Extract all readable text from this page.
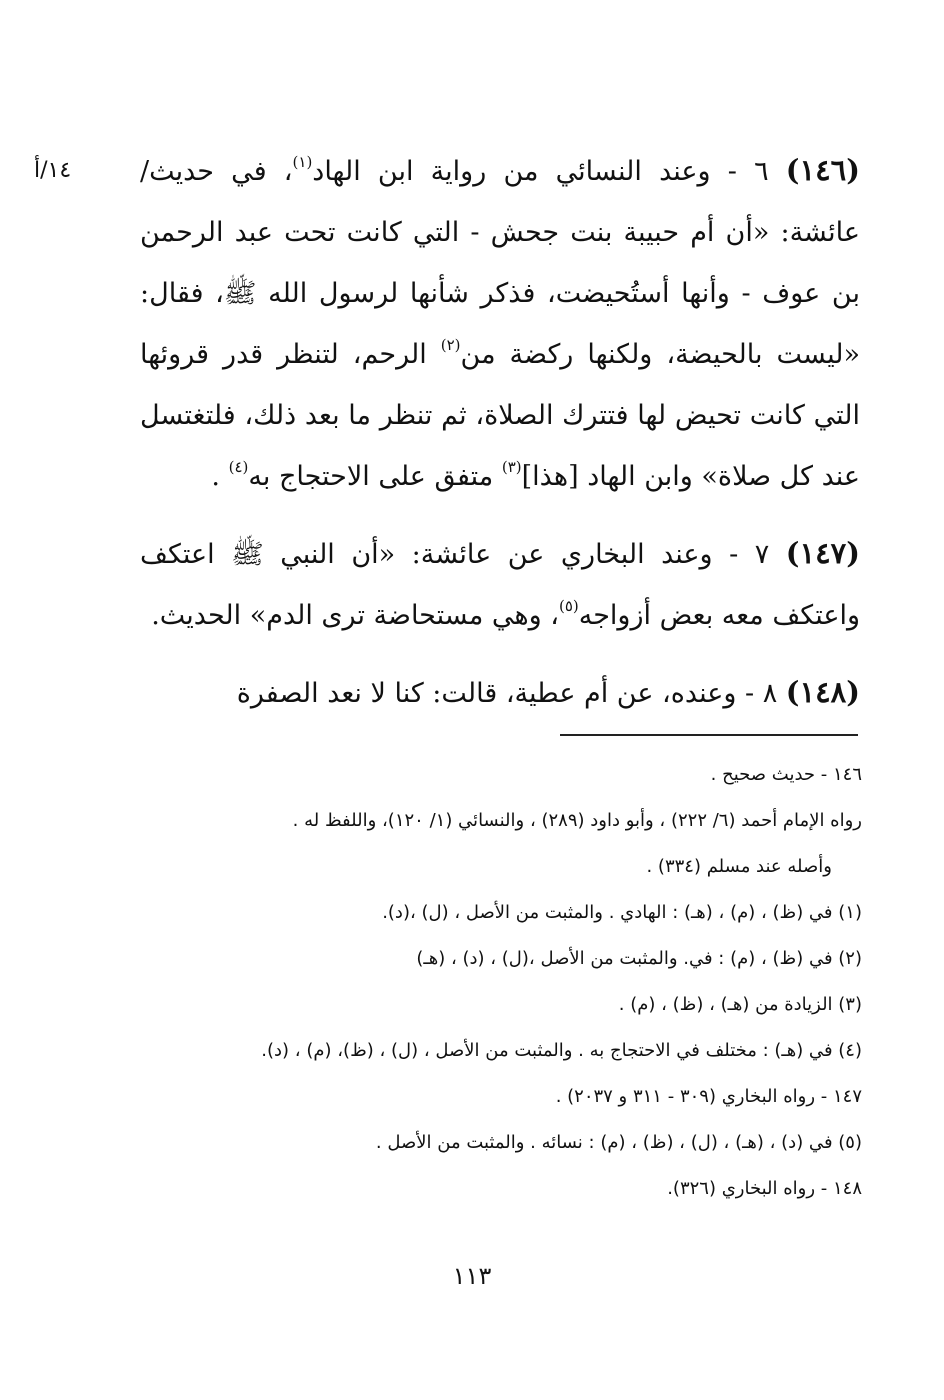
١٤/أ	(١٤٦) ٦ - وعند النسائي من رواية ابن الهاد$^{(١)}$، في حديث/ عائشة: «أن أم حبيبة بنت جحش - التي كانت تحت عبد الرحمن بن عوف - وأنها أستُحيضت، فذكر شأنها لرسول الله ﷺ، فقال: «ليست بالحيضة، ولكنها ركضة من$^{(٢)}$ الرحم، لتنظر قدر قروئها التي كانت تحيض لها فتترك الصلاة، ثم تنظر ما بعد ذلك، فلتغتسل عند كل صلاة» وابن الهاد [هذا]$^{(٣)}$ متفق على الاحتجاج به$^{(٤)}$ .

(١٤٧) ٧ - وعند البخاري عن عائشة: «أن النبي ﷺ اعتكف واعتكف معه بعض أزواجه$^{(٥)}$، وهي مستحاضة ترى الدم» الحديث.

(١٤٨) ٨ - وعنده، عن أم عطية، قالت: كنا لا نعد الصفرة

١٤٦ - حديث صحيح .
رواه الإمام أحمد (٦/ ٢٢٢) ، وأبو داود (٢٨٩) ، والنسائي (١/ ١٢٠)، واللفظ له .
وأصله عند مسلم (٣٣٤) .
(١) في (ظ) ، (م) ، (هـ) : الهادي . والمثبت من الأصل ، (ل) ،(د).
(٢) في (ظ) ، (م) : في. والمثبت من الأصل ،(ل) ، (د) ، (هـ)
(٣) الزيادة من (هـ) ، (ظ) ، (م) .
(٤) في (هـ) : مختلف في الاحتجاج به . والمثبت من الأصل ، (ل) ، (ظ)، (م) ، (د).
١٤٧ - رواه البخاري (٣٠٩ - ٣١١ و ٢٠٣٧) .
(٥) في (د) ، (هـ) ، (ل) ، (ظ) ، (م) : نسائه . والمثبت من الأصل .
١٤٨ - رواه البخاري (٣٢٦).
١١٣
